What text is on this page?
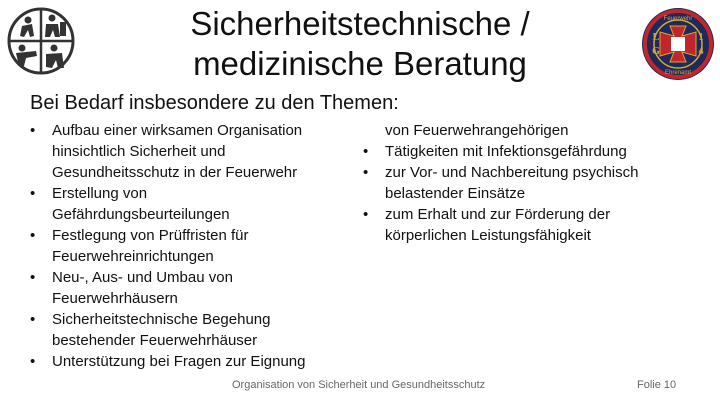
Sicherheitstechnische /
medizinische Beratung
Feuerwehr
Ehrenamt
L
G
1
4
Bei Bedarf insbesondere zu den Themen:
•	Aufbau einer wirksamen Organisation
hinsichtlich Sicherheit und
Gesundheitsschutz in der Feuerwehr
•	Erstellung von
Gefährdungsbeurteilungen
•	Festlegung von Prüffristen für
Feuerwehreinrichtungen
•	Neu-, Aus- und Umbau von
Feuerwehrhäusern
•	Sicherheitstechnische Begehung
bestehender Feuerwehrhäuser
•	Unterstützung bei Fragen zur Eignung
von Feuerwehrangehörigen
•	Tätigkeiten mit Infektionsgefährdung
•	zur Vor- und Nachbereitung psychisch
belastender Einsätze
•	zum Erhalt und zur Förderung der
körperlichen Leistungsfähigkeit
Organisation von Sicherheit und Gesundheitsschutz	Folie 10
